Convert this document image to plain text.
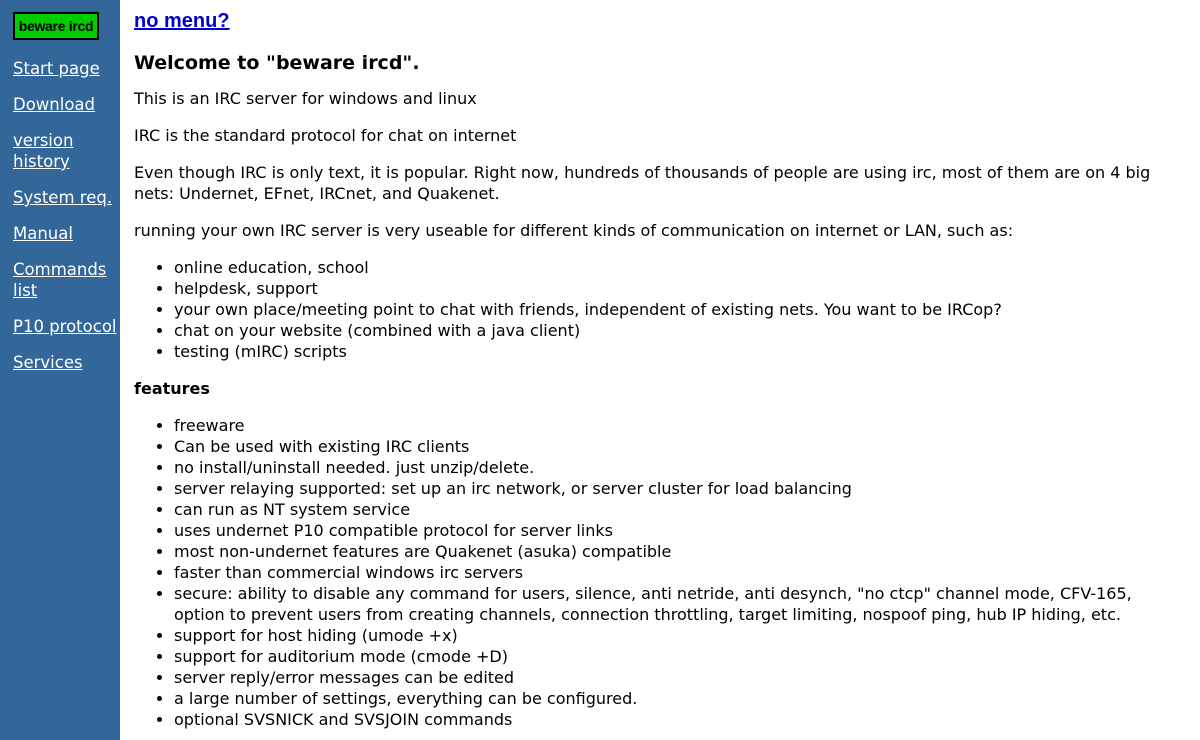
beware ircd
Start page
Download
version history
System req.
Manual
Commands list
P10 protocol
Services
no menu?
Welcome to "beware ircd".

This is an IRC server for windows and linux

IRC is the standard protocol for chat on internet

Even though IRC is only text, it is popular. Right now, hundreds of thousands of people are using irc, most of them are on 4 big nets: Undernet, EFnet, IRCnet, and Quakenet.

running your own IRC server is very useable for different kinds of communication on internet or LAN, such as:

• online education, school
• helpdesk, support
• your own place/meeting point to chat with friends, independent of existing nets. You want to be IRCop?
• chat on your website (combined with a java client)
• testing (mIRC) scripts
features
• freeware
• Can be used with existing IRC clients
• no install/uninstall needed. just unzip/delete.
• server relaying supported: set up an irc network, or server cluster for load balancing
• can run as NT system service
• uses undernet P10 compatible protocol for server links
• most non-undernet features are Quakenet (asuka) compatible
• faster than commercial windows irc servers
• secure: ability to disable any command for users, silence, anti netride, anti desynch, "no ctcp" channel mode, CFV-165, option to prevent users from creating channels, connection throttling, target limiting, nospoof ping, hub IP hiding, etc.
• support for host hiding (umode +x)
• support for auditorium mode (cmode +D)
• server reply/error messages can be edited
• a large number of settings, everything can be configured.
• optional SVSNICK and SVSJOIN commands
